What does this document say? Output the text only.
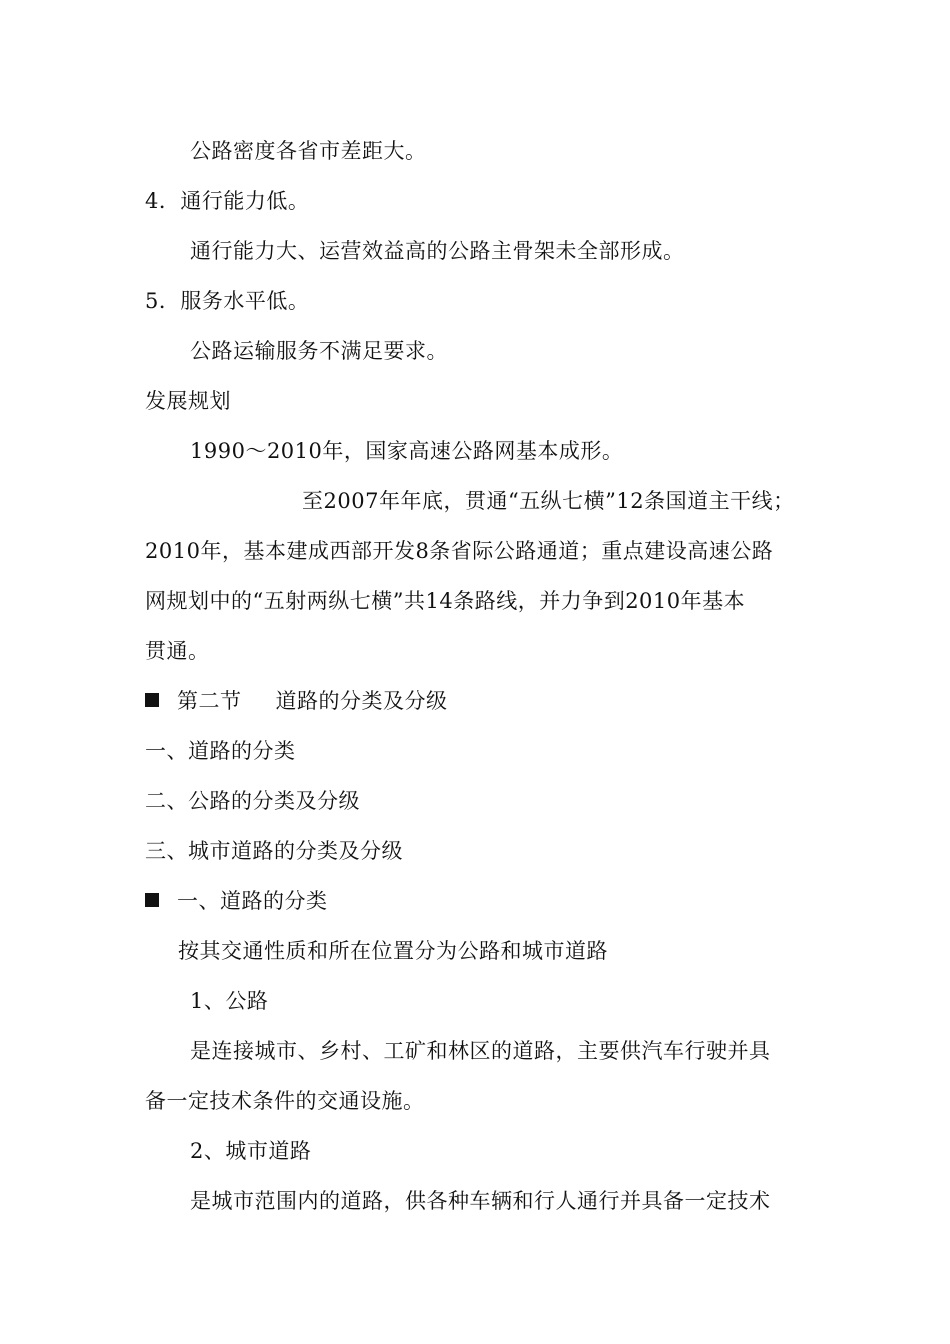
公路密度各省市差距大。
4．通行能力低。
通行能力大、运营效益高的公路主骨架未全部形成。
5．服务水平低。
公路运输服务不满足要求。
发展规划
1990～2010年，国家高速公路网基本成形。
至2007年年底，贯通“五纵七横”12条国道主干线；
2010年，基本建成西部开发8条省际公路通道；重点建设高速公路
网规划中的“五射两纵七横”共14条路线，并力争到2010年基本
贯通。
第二节 道路的分类及分级
一、道路的分类
二、公路的分类及分级
三、城市道路的分类及分级
一、道路的分类
按其交通性质和所在位置分为公路和城市道路
1、公路
是连接城市、乡村、工矿和林区的道路，主要供汽车行驶并具
备一定技术条件的交通设施。
2、城市道路
是城市范围内的道路，供各种车辆和行人通行并具备一定技术
